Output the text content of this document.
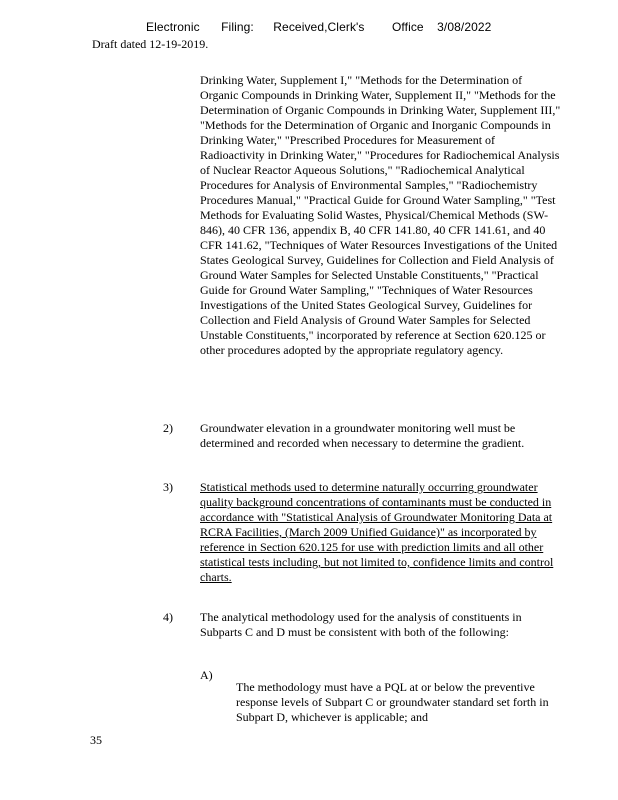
Electronic Filing: Received,Clerk's Office 3/08/2022
Draft dated 12-19-2019.

Drinking Water, Supplement I," "Methods for the Determination of Organic Compounds in Drinking Water, Supplement II," "Methods for the Determination of Organic Compounds in Drinking Water, Supplement III," "Methods for the Determination of Organic and Inorganic Compounds in Drinking Water," "Prescribed Procedures for Measurement of Radioactivity in Drinking Water," "Procedures for Radiochemical Analysis of Nuclear Reactor Aqueous Solutions," "Radiochemical Analytical Procedures for Analysis of Environmental Samples," "Radiochemistry Procedures Manual," "Practical Guide for Ground Water Sampling," "Test Methods for Evaluating Solid Wastes, Physical/Chemical Methods (SW-846), 40 CFR 136, appendix B, 40 CFR 141.80, 40 CFR 141.61, and 40 CFR 141.62, "Techniques of Water Resources Investigations of the United States Geological Survey, Guidelines for Collection and Field Analysis of Ground Water Samples for Selected Unstable Constituents," "Practical Guide for Ground Water Sampling," "Techniques of Water Resources Investigations of the United States Geological Survey, Guidelines for Collection and Field Analysis of Ground Water Samples for Selected Unstable Constituents," incorporated by reference at Section 620.125 or other procedures adopted by the appropriate regulatory agency.

2) Groundwater elevation in a groundwater monitoring well must be determined and recorded when necessary to determine the gradient.

3) Statistical methods used to determine naturally occurring groundwater quality background concentrations of contaminants must be conducted in accordance with "Statistical Analysis of Groundwater Monitoring Data at RCRA Facilities, (March 2009 Unified Guidance)" as incorporated by reference in Section 620.125 for use with prediction limits and all other statistical tests including, but not limited to, confidence limits and control charts.

4) The analytical methodology used for the analysis of constituents in Subparts C and D must be consistent with both of the following:

A)

The methodology must have a PQL at or below the preventive response levels of Subpart C or groundwater standard set forth in Subpart D, whichever is applicable; and

35
